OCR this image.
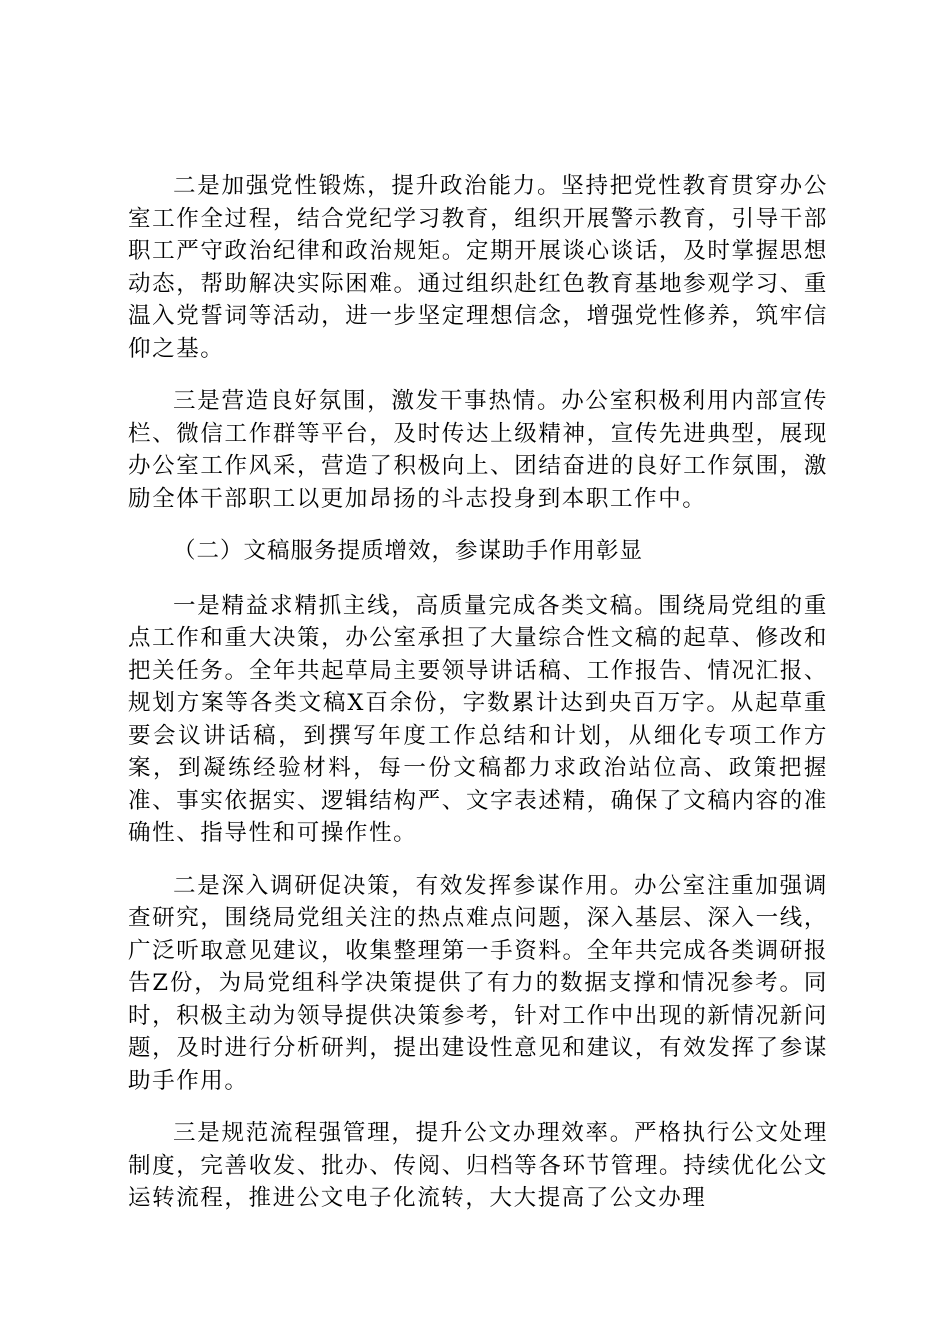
二是加强党性锻炼，提升政治能力。坚持把党性教育贯穿办公室工作全过程，结合党纪学习教育，组织开展警示教育，引导干部职工严守政治纪律和政治规矩。定期开展谈心谈话，及时掌握思想动态，帮助解决实际困难。通过组织赴红色教育基地参观学习、重温入党誓词等活动，进一步坚定理想信念，增强党性修养，筑牢信仰之基。

三是营造良好氛围，激发干事热情。办公室积极利用内部宣传栏、微信工作群等平台，及时传达上级精神，宣传先进典型，展现办公室工作风采，营造了积极向上、团结奋进的良好工作氛围，激励全体干部职工以更加昂扬的斗志投身到本职工作中。

（二）文稿服务提质增效，参谋助手作用彰显

一是精益求精抓主线，高质量完成各类文稿。围绕局党组的重点工作和重大决策，办公室承担了大量综合性文稿的起草、修改和把关任务。全年共起草局主要领导讲话稿、工作报告、情况汇报、规划方案等各类文稿X百余份，字数累计达到央百万字。从起草重要会议讲话稿，到撰写年度工作总结和计划，从细化专项工作方案，到凝练经验材料，每一份文稿都力求政治站位高、政策把握准、事实依据实、逻辑结构严、文字表述精，确保了文稿内容的准确性、指导性和可操作性。

二是深入调研促决策，有效发挥参谋作用。办公室注重加强调查研究，围绕局党组关注的热点难点问题，深入基层、深入一线，广泛听取意见建议，收集整理第一手资料。全年共完成各类调研报告Z份，为局党组科学决策提供了有力的数据支撑和情况参考。同时，积极主动为领导提供决策参考，针对工作中出现的新情况新问题，及时进行分析研判，提出建设性意见和建议，有效发挥了参谋助手作用。

三是规范流程强管理，提升公文办理效率。严格执行公文处理制度，完善收发、批办、传阅、归档等各环节管理。持续优化公文运转流程，推进公文电子化流转，大大提高了公文办理
